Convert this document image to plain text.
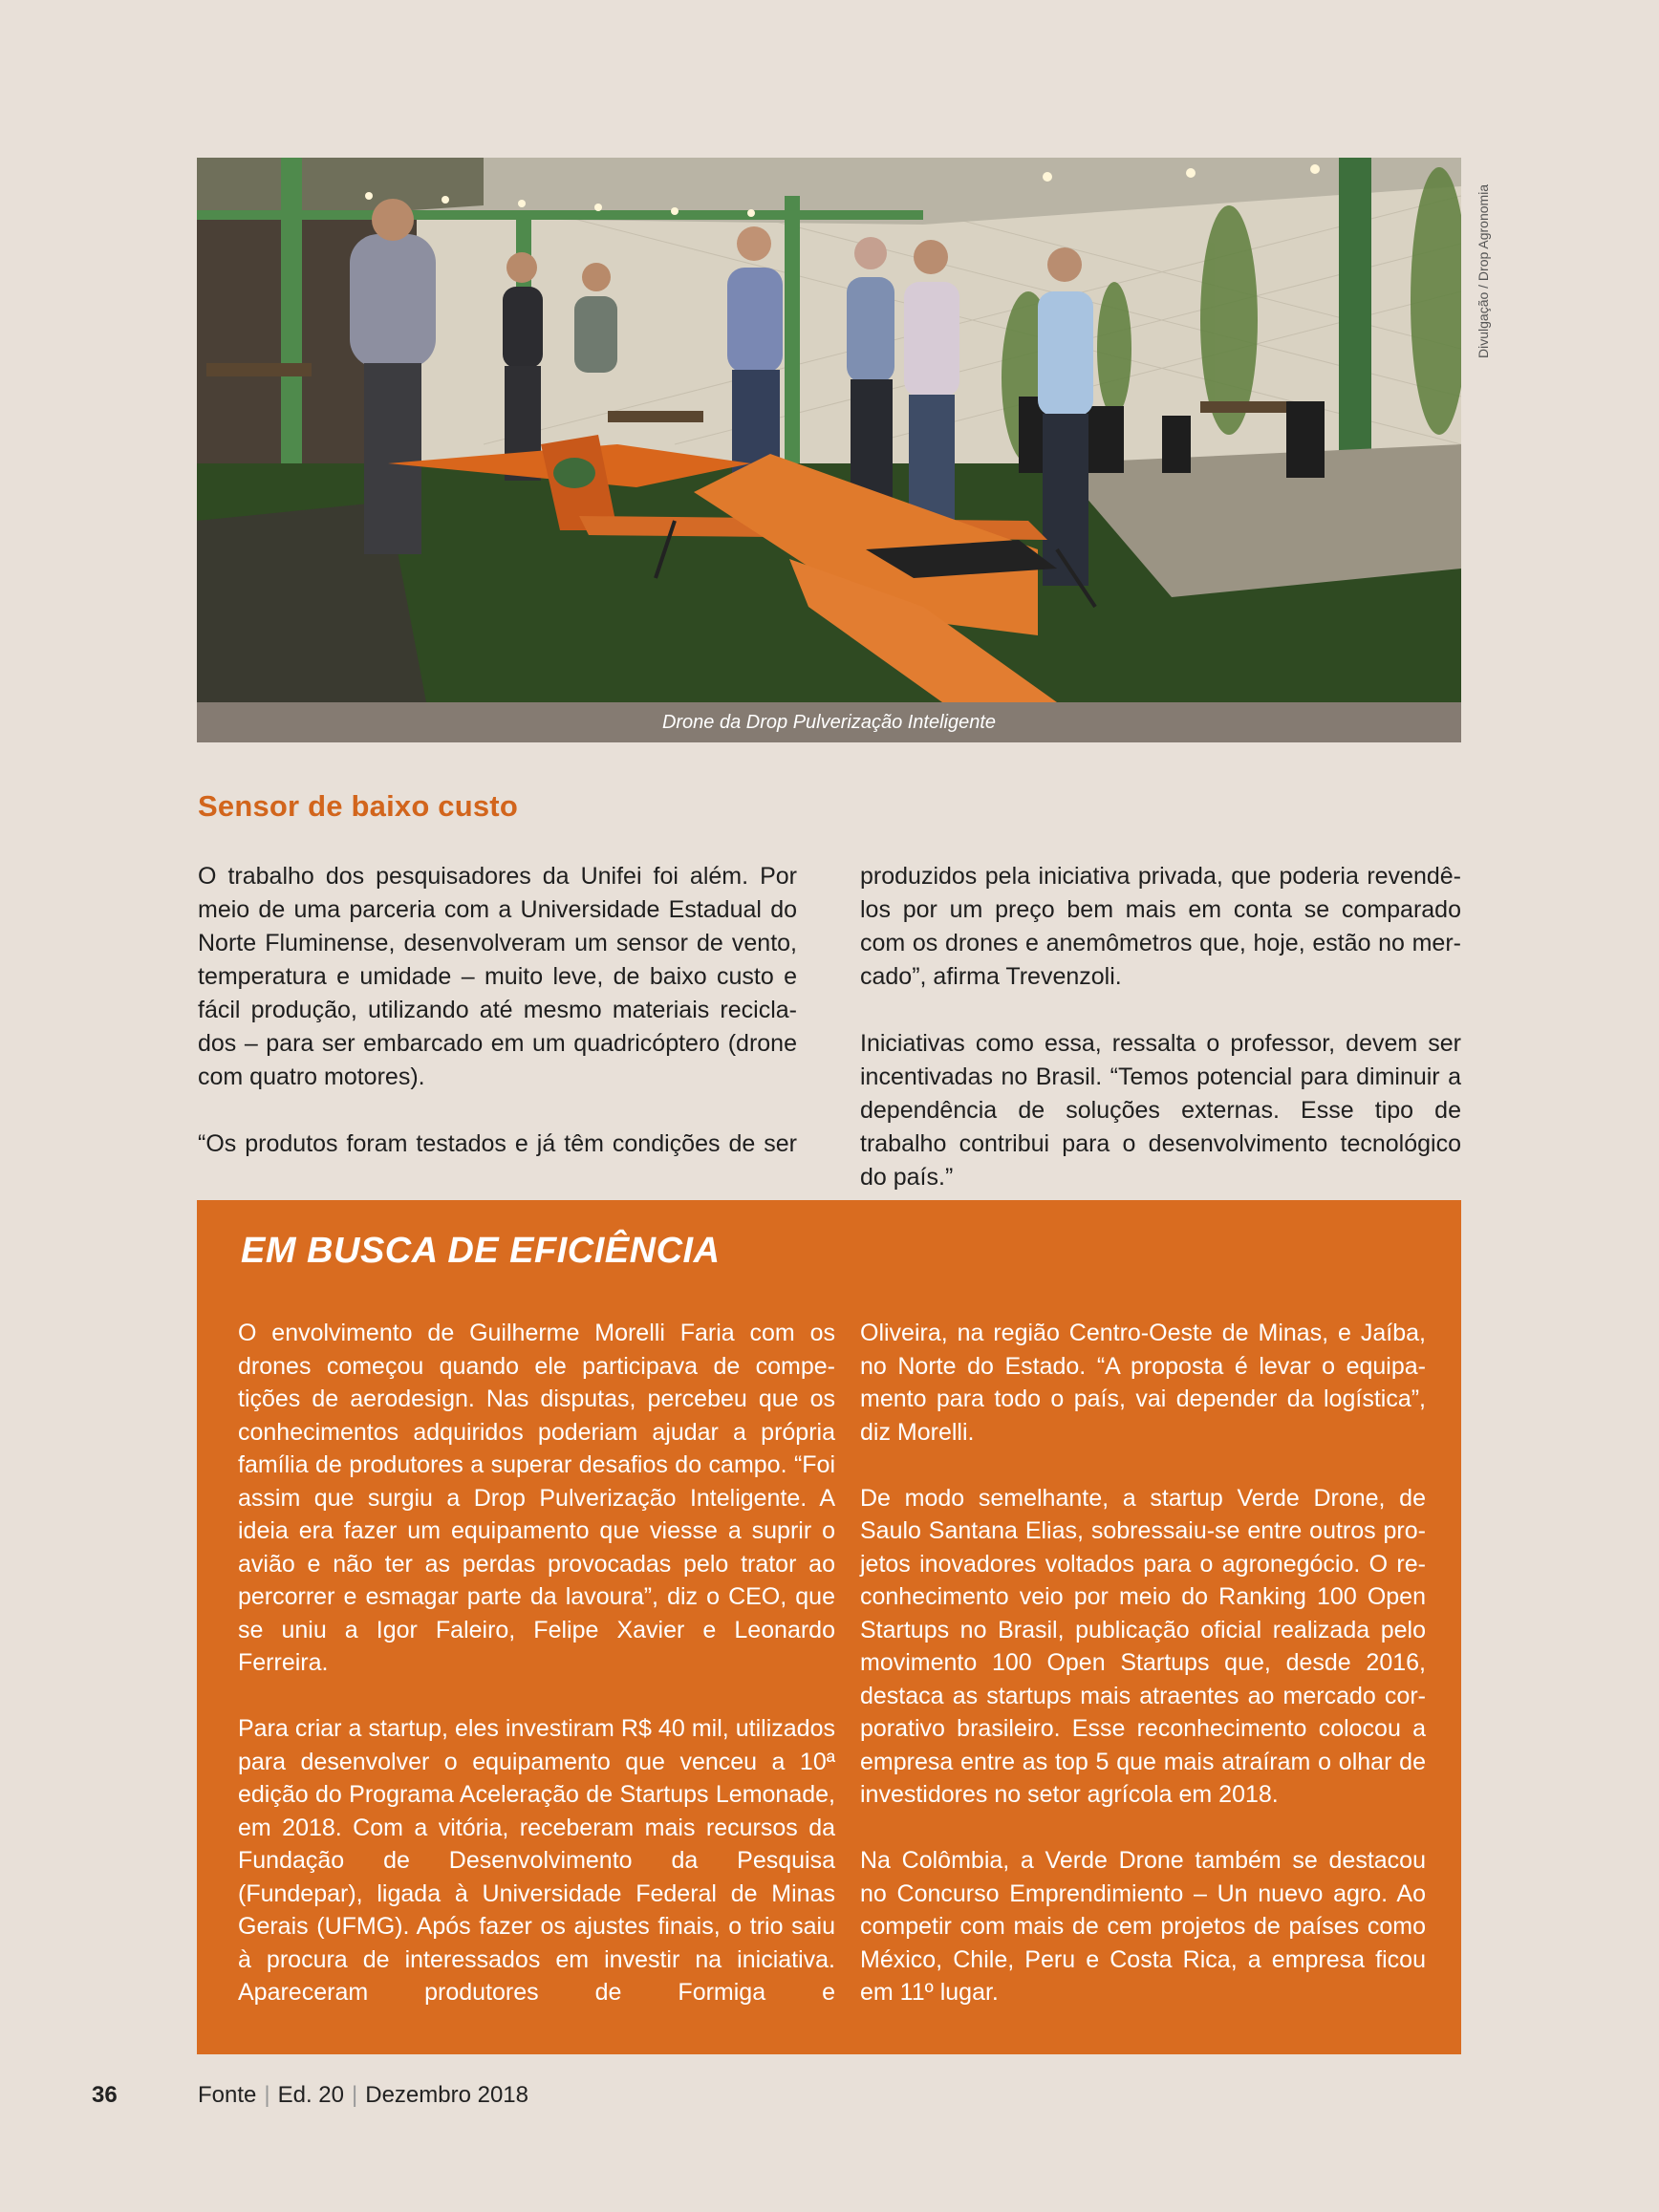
Divulgação / Drop Agronomia
Drone da Drop Pulverização Inteligente
Sensor de baixo custo

O trabalho dos pesquisadores da Unifei foi além. Por meio de uma parceria com a Universidade Estadual do Norte Fluminense, desenvolveram um sensor de vento, temperatura e umidade – muito leve, de baixo custo e fácil produção, utilizando até mesmo materiais reciclados – para ser embarcado em um quadricóptero (drone com quatro motores).

“Os produtos foram testados e já têm condições de ser

produzidos pela iniciativa privada, que poderia revendê-los por um preço bem mais em conta se comparado com os drones e anemômetros que, hoje, estão no mercado”, afirma Trevenzoli.

Iniciativas como essa, ressalta o professor, devem ser incentivadas no Brasil. “Temos potencial para diminuir a dependência de soluções externas. Esse tipo de trabalho contribui para o desenvolvimento tecnológico do país.”

EM BUSCA DE EFICIÊNCIA

O envolvimento de Guilherme Morelli Faria com os drones começou quando ele participava de competições de aerodesign. Nas disputas, percebeu que os conhecimentos adquiridos poderiam ajudar a própria família de produtores a superar desafios do campo. “Foi assim que surgiu a Drop Pulverização Inteligente. A ideia era fazer um equipamento que viesse a suprir o avião e não ter as perdas provocadas pelo trator ao percorrer e esmagar parte da lavoura”, diz o CEO, que se uniu a Igor Faleiro, Felipe Xavier e Leonardo Ferreira.

Para criar a startup, eles investiram R$ 40 mil, utilizados para desenvolver o equipamento que venceu a 10ª edição do Programa Aceleração de Startups Lemonade, em 2018. Com a vitória, receberam mais recursos da Fundação de Desenvolvimento da Pesquisa (Fundepar), ligada à Universidade Federal de Minas Gerais (UFMG). Após fazer os ajustes finais, o trio saiu à procura de interessados em investir na iniciativa. Apareceram produtores de Formiga e

Oliveira, na região Centro-Oeste de Minas, e Jaíba, no Norte do Estado. “A proposta é levar o equipamento para todo o país, vai depender da logística”, diz Morelli.

De modo semelhante, a startup Verde Drone, de Saulo Santana Elias, sobressaiu-se entre outros projetos inovadores voltados para o agronegócio. O reconhecimento veio por meio do Ranking 100 Open Startups no Brasil, publicação oficial realizada pelo movimento 100 Open Startups que, desde 2016, destaca as startups mais atraentes ao mercado corporativo brasileiro. Esse reconhecimento colocou a empresa entre as top 5 que mais atraíram o olhar de investidores no setor agrícola em 2018.

Na Colômbia, a Verde Drone também se destacou no Concurso Emprendimiento – Un nuevo agro. Ao competir com mais de cem projetos de países como México, Chile, Peru e Costa Rica, a empresa ficou em 11º lugar.

36	Fonte | Ed. 20 | Dezembro 2018
